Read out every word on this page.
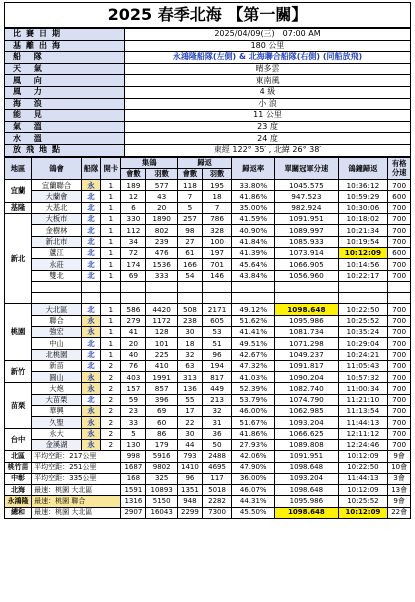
2025 春季北海 【第一關】
比賽日期	2025/04/09(三)　07:00 AM
基離出海	180 公里
船 隊	永鴻隆船隊(左側) & 北海聯合船隊(右側) (同船放飛)
天 氣	晴多雲
風 向	東南風
風 力	4 級
海 浪	小 浪
能 見	11 公里
氣 溫	23 度
水 溫	24 度
放飛地點	東經 122° 35′ , 北緯 26° 38′
地區	鴿會	船隊	開卡	集鴿		歸返		歸返率	單關冠軍分速	鴿鐘歸返	有格分速
				會數	羽數	會數	羽數				
宜蘭	宜蘭聯合	永	1	189	577	118	195	33.80%	1045.575	10:36:12	700
	大蘭會	北	1	12	43	7	18	41.86%	947.523	10:59:29	600
基隆	大基北	北	1	6	20	5	7	35.00%	982.924	10:30:06	700
新北	大板市	北	1	330	1890	257	786	41.59%	1091.951	10:18:02	700
	金樹林	北	1	112	802	98	328	40.90%	1089.997	10:21:34	700
	新北市	北	1	34	239	27	100	41.84%	1085.933	10:19:54	700
	蘆江	北	1	72	476	61	197	41.39%	1073.914	10:12:09	600
	永莊	北	1	174	1536	166	701	45.64%	1066.905	10:14:56	700
	雙北	北	1	69	333	54	146	43.84%	1056.960	10:22:17	700

桃園	大北區	北	1	586	4420	508	2171	49.12%	1098.648	10:22:50	700
	聯合	永	1	279	1172	238	605	51.62%	1095.986	10:25:52	700
	強宏	永	1	41	128	30	53	41.41%	1081.734	10:35:24	700
	中山	北	1	20	101	18	51	49.51%	1071.298	10:29:04	700
	北桃園	北	1	40	225	32	96	42.67%	1049.237	10:24:21	700
新竹	新苗	北	2	76	410	63	194	47.32%	1091.817	11:05:43	700
	圓山	永	2	403	1991	313	817	41.03%	1090.204	10:57:32	700
苗栗	大炮	永	2	157	857	136	449	52.39%	1082.740	11:00:34	700
	大苗栗	北	2	59	396	55	213	53.79%	1074.790	11:21:10	700
	華興	永	2	23	69	17	32	46.00%	1062.985	11:13:54	700
	久聖	永	2	33	60	22	31	51.67%	1093.204	11:44:13	700
台中	永大	永	2	5	86	30	36	41.86%	1066.625	12:11:12	700
	金溪湖	永	2	130	179	44	50	27.93%	1089.808	12:24:46	700
北區	平均空距：217公里			998	5916	793	2488	42.06%	1091.951	10:12:09	9會
桃竹苗	平均空距：251公里			1687	9802	1410	4695	47.90%	1098.648	10:22:50	10會
中彰	平均空距：335公里			168	325	96	117	36.00%	1093.204	11:44:13	3會
北海	最速：桃園 大北區			1591	10893	1351	5018	46.07%	1098.648	10:12:09	13會
永鴻隆	最速：桃園 聯合			1316	5150	948	2282	44.31%	1095.986	10:25:52	9會
總和	最速：桃園 大北區			2907	16043	2299	7300	45.50%	1098.648	10:12:09	22會
